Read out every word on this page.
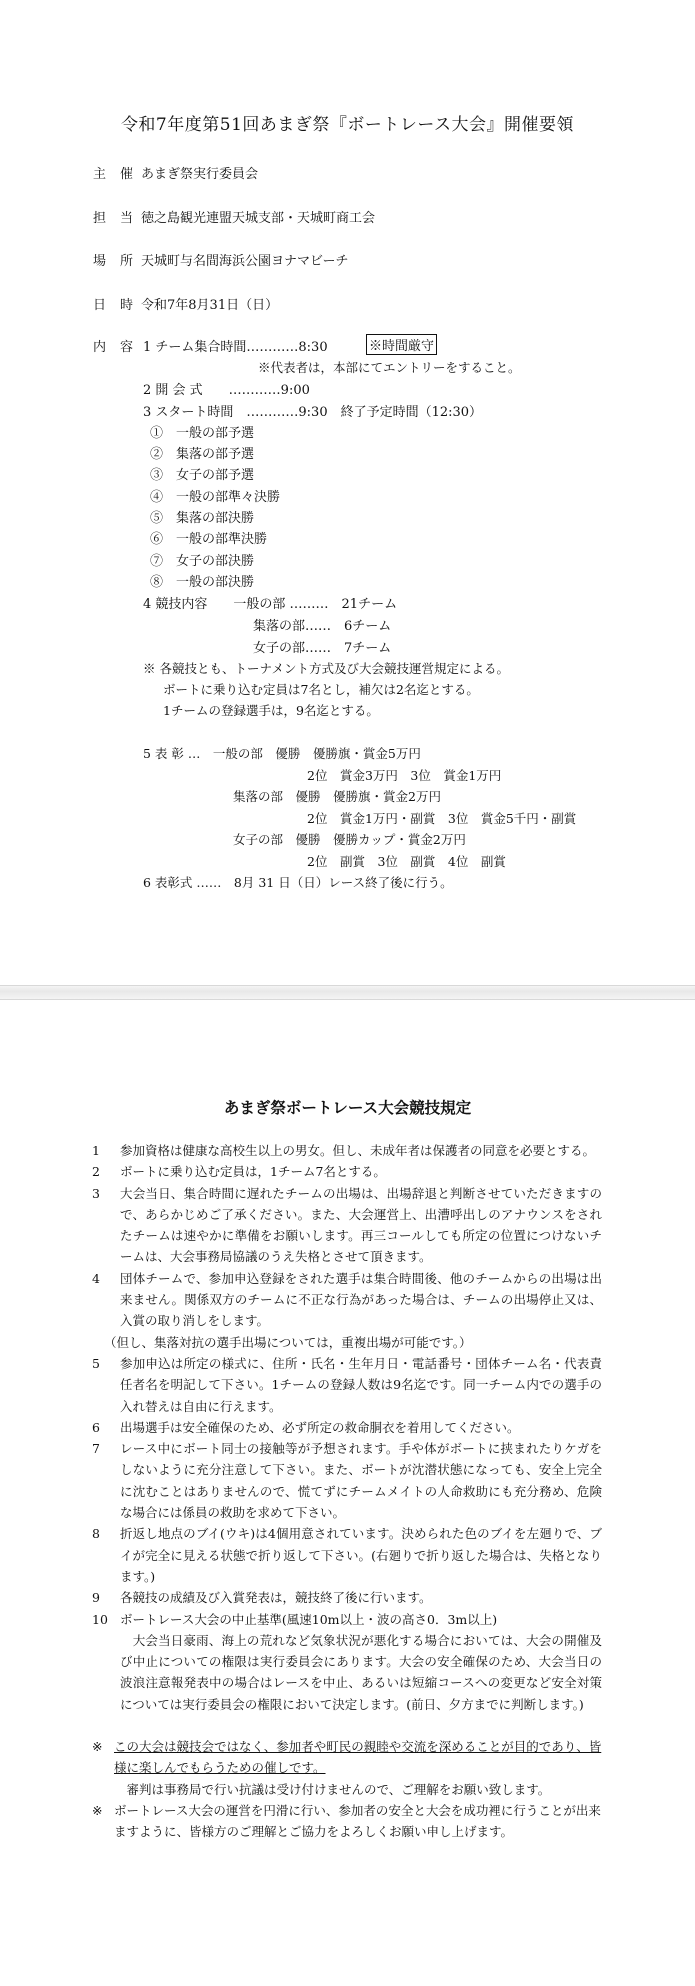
令和7年度第51回あまぎ祭『ボートレース大会』開催要領
主催
あまぎ祭実行委員会
担当
徳之島観光連盟天城支部・天城町商工会
場所
天城町与名間海浜公園ヨナマビーチ
日時
令和7年8月31日（日）
内容
1 チーム集合時間…………8:30	※時間厳守
※代表者は，本部にてエントリーをすること。
2 開 会 式　　…………9:00
3 スタート時間　…………9:30　終了予定時間（12:30）
①　一般の部予選
②　集落の部予選
③　女子の部予選
④　一般の部準々決勝
⑤　集落の部決勝
⑥　一般の部準決勝
⑦　女子の部決勝
⑧　一般の部決勝
4 競技内容　　一般の部 ………　21チーム
集落の部……　6チーム
女子の部……　7チーム
※ 各競技とも、トーナメント方式及び大会競技運営規定による。
ボートに乗り込む定員は7名とし，補欠は2名迄とする。
1チームの登録選手は，9名迄とする。
5 表 彰 …　一般の部　優勝　優勝旗・賞金5万円
2位　賞金3万円　3位　賞金1万円
集落の部　優勝　優勝旗・賞金2万円
2位　賞金1万円・副賞　3位　賞金5千円・副賞
女子の部　優勝　優勝カップ・賞金2万円
2位　副賞　3位　副賞　4位　副賞
6 表彰式 ……　8月 31 日（日）レース終了後に行う。
あまぎ祭ボートレース大会競技規定
1	参加資格は健康な高校生以上の男女。但し、未成年者は保護者の同意を必要とする。
2	ボートに乗り込む定員は，1チーム7名とする。
3	大会当日、集合時間に遅れたチームの出場は、出場辞退と判断させていただきますので、あらかじめご了承ください。また、大会運営上、出漕呼出しのアナウンスをされたチームは速やかに準備をお願いします。再三コールしても所定の位置につけないチームは、大会事務局協議のうえ失格とさせて頂きます。
4	団体チームで、参加申込登録をされた選手は集合時間後、他のチームからの出場は出来ません。関係双方のチームに不正な行為があった場合は、チームの出場停止又は、入賞の取り消しをします。
（但し、集落対抗の選手出場については，重複出場が可能です。）
5	参加申込は所定の様式に、住所・氏名・生年月日・電話番号・団体チーム名・代表責任者名を明記して下さい。1チームの登録人数は9名迄です。同一チーム内での選手の入れ替えは自由に行えます。
6	出場選手は安全確保のため、必ず所定の救命胴衣を着用してください。
7	レース中にボート同士の接触等が予想されます。手や体がボートに挟まれたりケガをしないように充分注意して下さい。また、ボートが沈潜状態になっても、安全上完全に沈むことはありませんので、慌てずにチームメイトの人命救助にも充分務め、危険な場合には係員の救助を求めて下さい。
8	折返し地点のブイ(ウキ)は4個用意されています。決められた色のブイを左廻りで、ブイが完全に見える状態で折り返して下さい。(右廻りで折り返した場合は、失格となります。)
9	各競技の成績及び入賞発表は，競技終了後に行います。
10 ボートレース大会の中止基準(風速10m以上・波の高さ0．3m以上)
　大会当日豪雨、海上の荒れなど気象状況が悪化する場合においては、大会の開催及び中止についての権限は実行委員会にあります。大会の安全確保のため、大会当日の波浪注意報発表中の場合はレースを中止、あるいは短縮コースへの変更など安全対策については実行委員会の権限において決定します。(前日、夕方までに判断します。)
※ この大会は競技会ではなく、参加者や町民の親睦や交流を深めることが目的であり、皆様に楽しんでもらうための催しです。
　審判は事務局で行い抗議は受け付けませんので、ご理解をお願い致します。
※ ボートレース大会の運営を円滑に行い、参加者の安全と大会を成功裡に行うことが出来ますように、皆様方のご理解とご協力をよろしくお願い申し上げます。
